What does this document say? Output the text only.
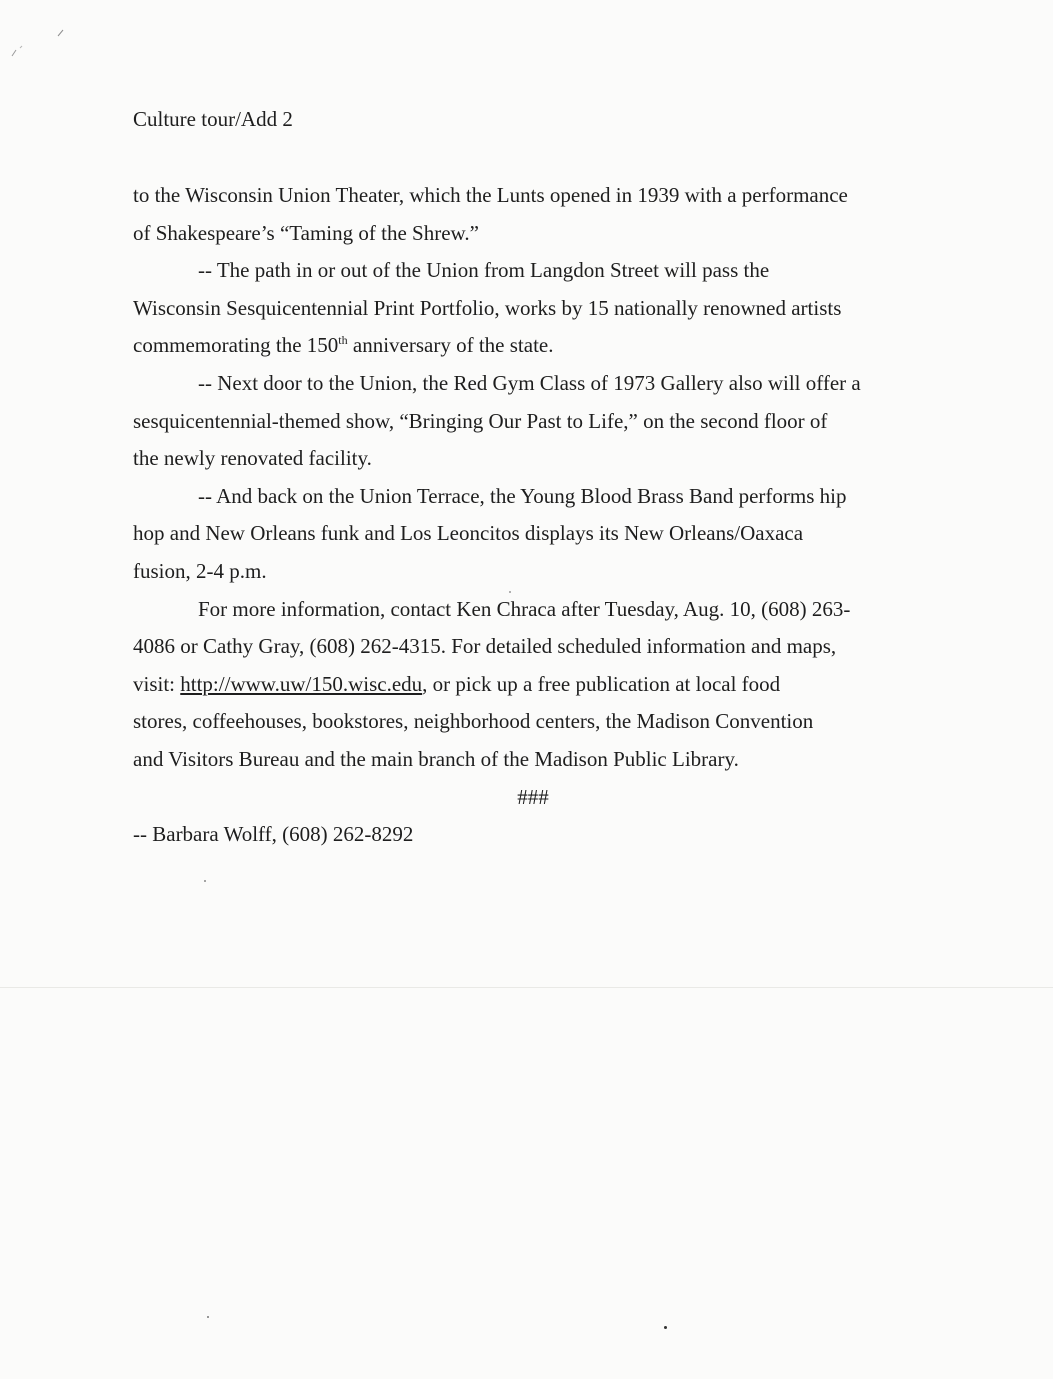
Culture tour/Add 2

to the Wisconsin Union Theater, which the Lunts opened in 1939 with a performance
of Shakespeare’s “Taming of the Shrew.”

-- The path in or out of the Union from Langdon Street will pass the
Wisconsin Sesquicentennial Print Portfolio, works by 15 nationally renowned artists
commemorating the 150th anniversary of the state.

-- Next door to the Union, the Red Gym Class of 1973 Gallery also will offer a
sesquicentennial-themed show, “Bringing Our Past to Life,” on the second floor of
the newly renovated facility.

-- And back on the Union Terrace, the Young Blood Brass Band performs hip
hop and New Orleans funk and Los Leoncitos displays its New Orleans/Oaxaca
fusion, 2-4 p.m.

For more information, contact Ken Chraca after Tuesday, Aug. 10, (608) 263-
4086 or Cathy Gray, (608) 262-4315. For detailed scheduled information and maps,
visit: http://www.uw/150.wisc.edu, or pick up a free publication at local food
stores, coffeehouses, bookstores, neighborhood centers, the Madison Convention
and Visitors Bureau and the main branch of the Madison Public Library.

###
-- Barbara Wolff, (608) 262-8292
